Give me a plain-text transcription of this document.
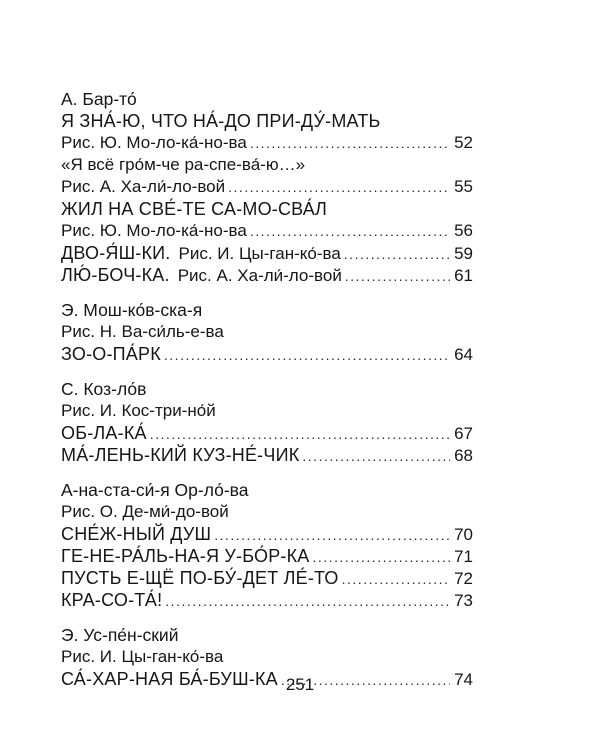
А. Бар-то́
Я ЗНА́-Ю, ЧТО НА́-ДО ПРИ-ДУ́-МАТЬ
Рис. Ю. Мо-ло-ка́-но-ва .....	52
«Я всё гро́м-че ра-спе-ва́-ю…»
Рис. А. Ха-ли́-ло-вой .....	55
ЖИЛ НА СВЕ́-ТЕ СА-МО-СВА́Л
Рис. Ю. Мо-ло-ка́-но-ва .....	56
ДВО-Я́Ш-КИ. Рис. И. Цы-ган-ко́-ва .....	59
ЛЮ́-БОЧ-КА. Рис. А. Ха-ли́-ло-вой .....	61
Э. Мош-ко́в-ска-я
Рис. Н. Ва-си́ль-е-ва
ЗО-О-ПА́РК .....	64
С. Коз-ло́в
Рис. И. Кос-три-но́й
ОБ-ЛА-КА́ .....	67
МА́-ЛЕНЬ-КИЙ КУЗ-НЕ́-ЧИК .....	68
А-на-ста-си́-я Ор-ло́-ва
Рис. О. Де-ми́-до-вой
СНЕ́Ж-НЫЙ ДУШ .....	70
ГЕ-НЕ-РА́ЛЬ-НА-Я У-БО́Р-КА .....	71
ПУСТЬ Е-ЩЁ ПО-БУ́-ДЕТ ЛЕ́-ТО .....	72
КРА-СО-ТА́! .....	73
Э. Ус-пе́н-ский
Рис. И. Цы-ган-ко́-ва
СА́-ХАР-НАЯ БА́-БУШ-КА .....	74
251
